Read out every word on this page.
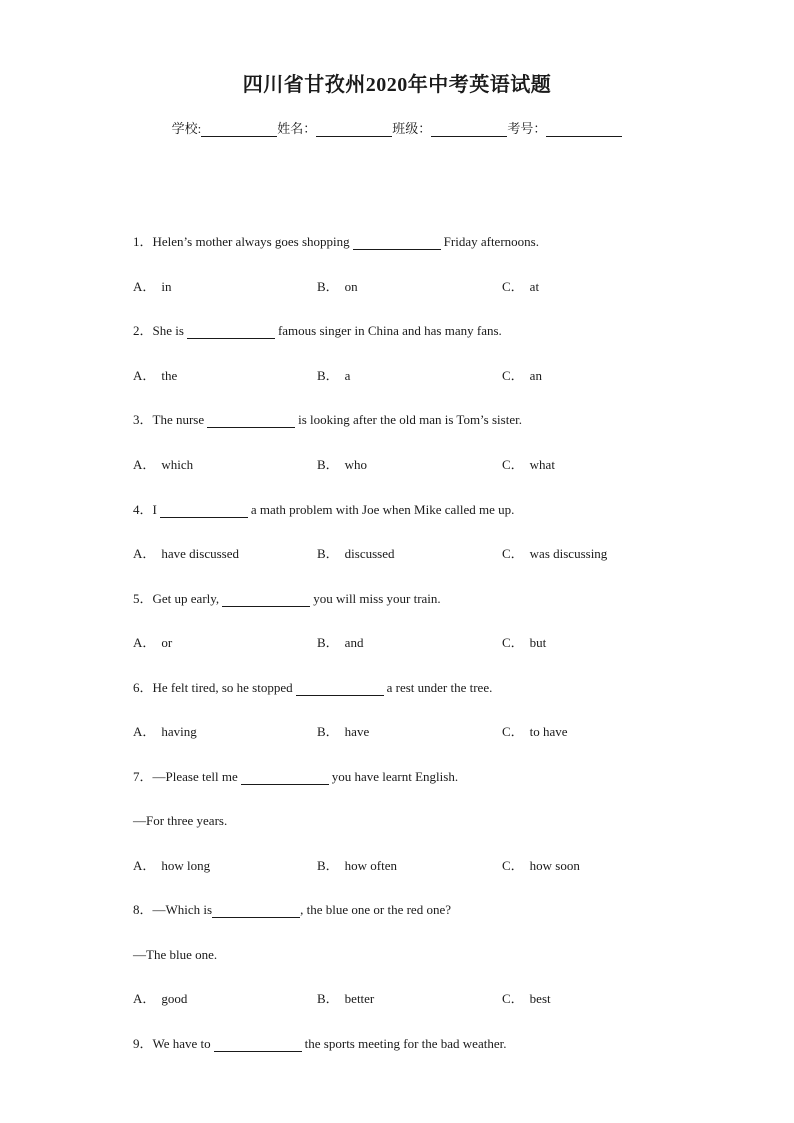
四川省甘孜州2020年中考英语试题
学校:	姓名：	班级：	考号：
1．Helen’s mother always goes shopping	Friday afternoons.
A． in	B． on	C． at
2．She is	famous singer in China and has many fans.
A． the	B． a	C． an
3．The nurse	is looking after the old man is Tom’s sister.
A． which	B． who	C． what
4．I	a math problem with Joe when Mike called me up.
A． have discussed	B． discussed	C． was discussing
5．Get up early,	you will miss your train.
A． or	B． and	C． but
6．He felt tired, so he stopped	a rest under the tree.
A． having	B． have	C． to have
7．—Please tell me	you have learnt English.
—For three years.
A． how long	B． how often	C． how soon
8．—Which is	, the blue one or the red one?
—The blue one.
A． good	B． better	C． best
9．We have to	the sports meeting for the bad weather.
